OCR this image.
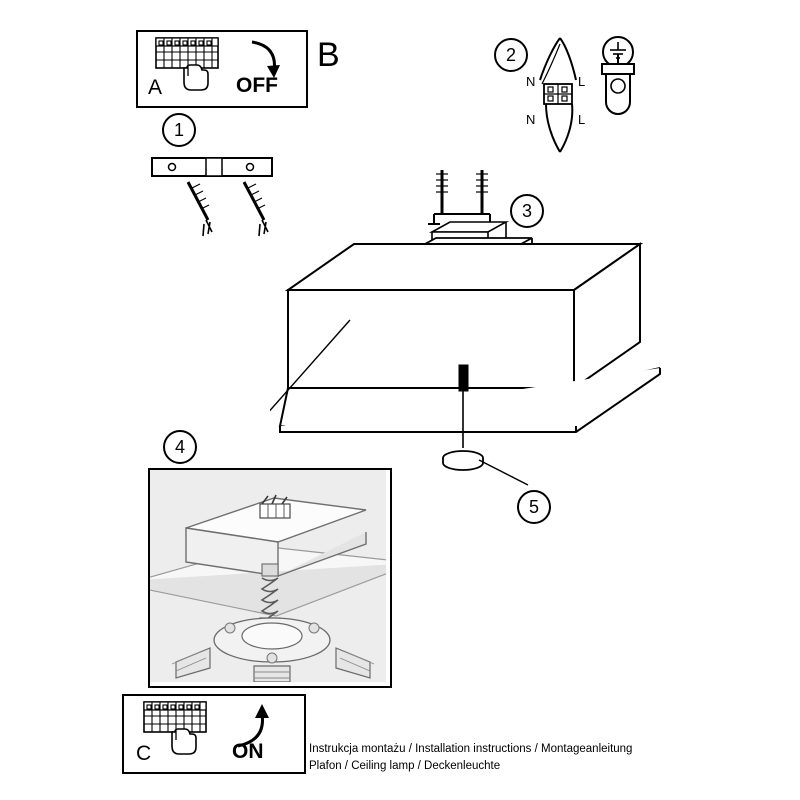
A	OFF
B	2
N	L
N	L
1
3
5
4
C	ON	Instrukcja montażu / Installation instructions / Montageanleitung
Plafon / Ceiling lamp / Deckenleuchte
